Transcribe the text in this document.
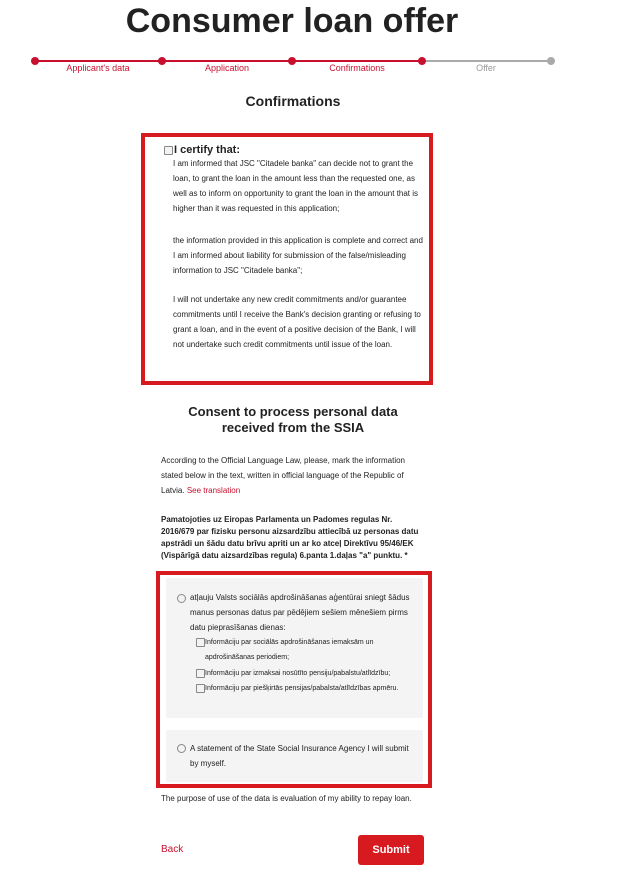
Consumer loan offer
Applicant's data	Application	Confirmations	Offer
Confirmations
I certify that:
I am informed that JSC "Citadele banka" can decide not to grant the loan, to grant the loan in the amount less than the requested one, as well as to inform on opportunity to grant the loan in the amount that is higher than it was requested in this application;
the information provided in this application is complete and correct and I am informed about liability for submission of the false/misleading information to JSC "Citadele banka";
I will not undertake any new credit commitments and/or guarantee commitments until I receive the Bank's decision granting or refusing to grant a loan, and in the event of a positive decision of the Bank, I will not undertake such credit commitments until issue of the loan.
Consent to process personal data received from the SSIA
According to the Official Language Law, please, mark the information stated below in the text, written in official language of the Republic of Latvia. See translation
Pamatojoties uz Eiropas Parlamenta un Padomes regulas Nr. 2016/679 par fizisku personu aizsardzību attiecībā uz personas datu apstrādi un šādu datu brīvu apriti un ar ko atceļ Direktīvu 95/46/EK (Vispārīgā datu aizsardzības regula) 6.panta 1.daļas "a" punktu. *
atļauju Valsts sociālās apdrošināšanas aģentūrai sniegt šādus manus personas datus par pēdējiem sešiem mēnešiem pirms datu pieprasīšanas dienas:
Informāciju par sociālās apdrošināšanas iemaksām un apdrošināšanas periodiem;
Informāciju par izmaksai nosūtīto pensiju/pabalstu/atlīdzību;
Informāciju par piešķirtās pensijas/pabalsta/atlīdzības apmēru.
A statement of the State Social Insurance Agency I will submit by myself.
The purpose of use of the data is evaluation of my ability to repay loan.
Back	Submit
